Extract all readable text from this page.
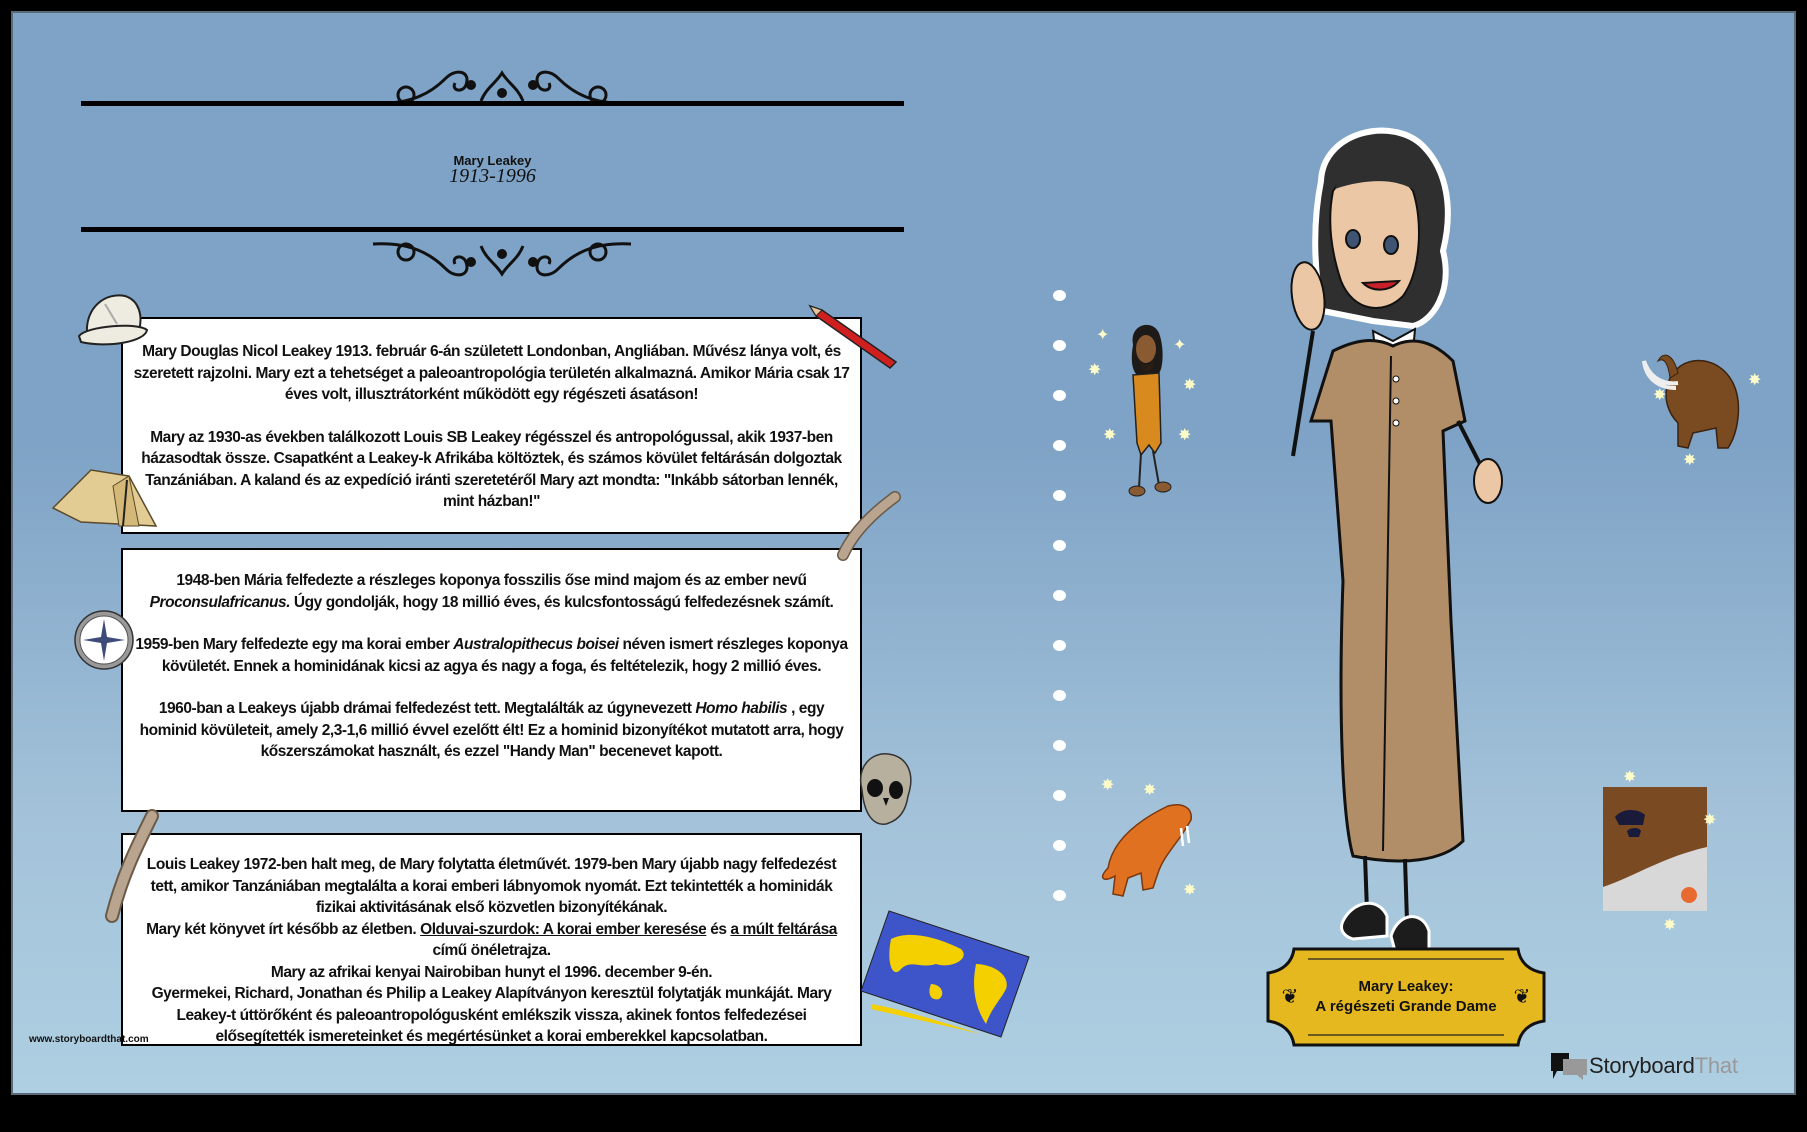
Mary Leakey
1913-1996

Mary Douglas Nicol Leakey 1913. február 6-án született Londonban, Angliában. Művész lánya volt, és szeretett rajzolni. Mary ezt a tehetséget a paleoantropológia területén alkalmazná. Amikor Mária csak 17 éves volt, illusztrátorként működött egy régészeti ásatáson!

Mary az 1930-as években találkozott Louis SB Leakey régésszel és antropológussal, akik 1937-ben házasodtak össze. Csapatként a Leakey-k Afrikába költöztek, és számos kövület feltárásán dolgoztak Tanzániában. A kaland és az expedíció iránti szeretetéről Mary azt mondta: "Inkább sátorban lennék, mint házban!"

1948-ben Mária felfedezte a részleges koponya fosszilis őse mind majom és az ember nevű Proconsulafricanus. Úgy gondolják, hogy 18 millió éves, és kulcsfontosságú felfedezésnek számít.

1959-ben Mary felfedezte egy ma korai ember Australopithecus boisei néven ismert részleges koponya kövületét. Ennek a hominidának kicsi az agya és nagy a foga, és feltételezik, hogy 2 millió éves.

1960-ban a Leakeys újabb drámai felfedezést tett. Megtalálták az úgynevezett Homo habilis , egy hominid kövületeit, amely 2,3-1,6 millió évvel ezelőtt élt! Ez a hominid bizonyítékot mutatott arra, hogy kőszerszámokat használt, és ezzel "Handy Man" becenevet kapott.

Louis Leakey 1972-ben halt meg, de Mary folytatta életművét. 1979-ben Mary újabb nagy felfedezést tett, amikor Tanzániában megtalálta a korai emberi lábnyomok nyomát. Ezt tekintették a hominidák fizikai aktivitásának első közvetlen bizonyítékának.

Mary két könyvet írt később az életben. Olduvai-szurdok: A korai ember keresése és a múlt feltárása című önéletrajza.

Mary az afrikai kenyai Nairobiban hunyt el 1996. december 9-én.

Gyermekei, Richard, Jonathan és Philip a Leakey Alapítványon keresztül folytatják munkáját. Mary Leakey-t úttörőként és paleoantropológusként emlékszik vissza, akinek fontos felfedezései elősegítették ismereteinket és megértésünket a korai emberekkel kapcsolatban.

✦
✦
✸
✸
✸	✸
✸
✸
✸
✸ ✸
✸
✸
✸
✸
❦	❦
Mary Leakey:
A régészeti Grande Dame
www.storyboardthat.com
StoryboardThat
